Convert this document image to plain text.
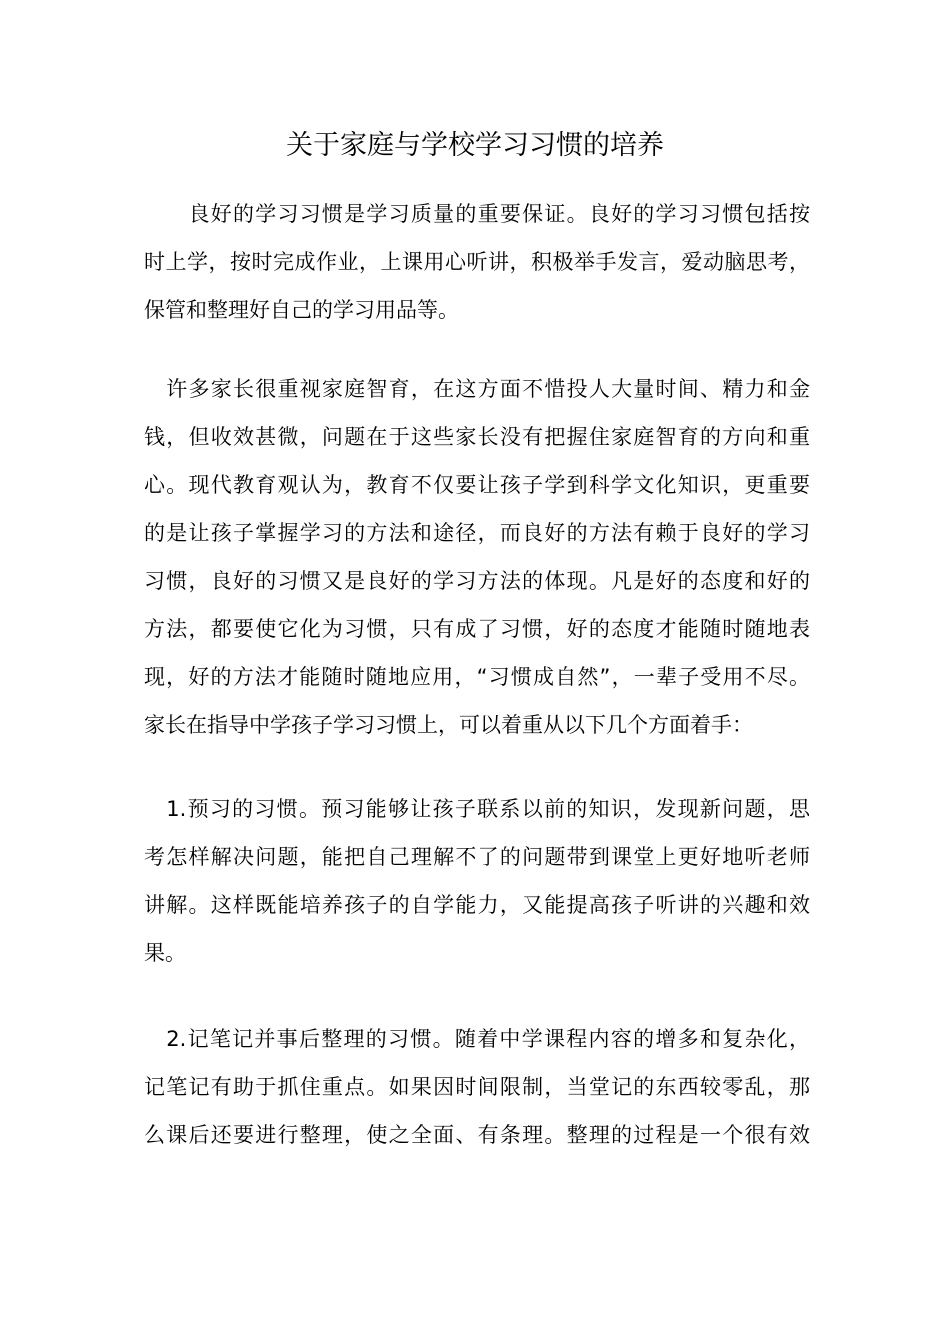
关于家庭与学校学习习惯的培养

　　良好的学习习惯是学习质量的重要保证。良好的学习习惯包括按
时上学，按时完成作业，上课用心听讲，积极举手发言，爱动脑思考，
保管和整理好自己的学习用品等。

　许多家长很重视家庭智育，在这方面不惜投人大量时间、精力和金
钱，但收效甚微，问题在于这些家长没有把握住家庭智育的方向和重
心。现代教育观认为，教育不仅要让孩子学到科学文化知识，更重要
的是让孩子掌握学习的方法和途径，而良好的方法有赖于良好的学习
习惯，良好的习惯又是良好的学习方法的体现。凡是好的态度和好的
方法，都要使它化为习惯，只有成了习惯，好的态度才能随时随地表
现，好的方法才能随时随地应用，“习惯成自然”，一辈子受用不尽。
家长在指导中学孩子学习习惯上，可以着重从以下几个方面着手：

　1.预习的习惯。预习能够让孩子联系以前的知识，发现新问题，思
考怎样解决问题，能把自己理解不了的问题带到课堂上更好地听老师
讲解。这样既能培养孩子的自学能力，又能提高孩子听讲的兴趣和效
果。

　2.记笔记并事后整理的习惯。随着中学课程内容的增多和复杂化，
记笔记有助于抓住重点。如果因时间限制，当堂记的东西较零乱，那
么课后还要进行整理，使之全面、有条理。整理的过程是一个很有效
